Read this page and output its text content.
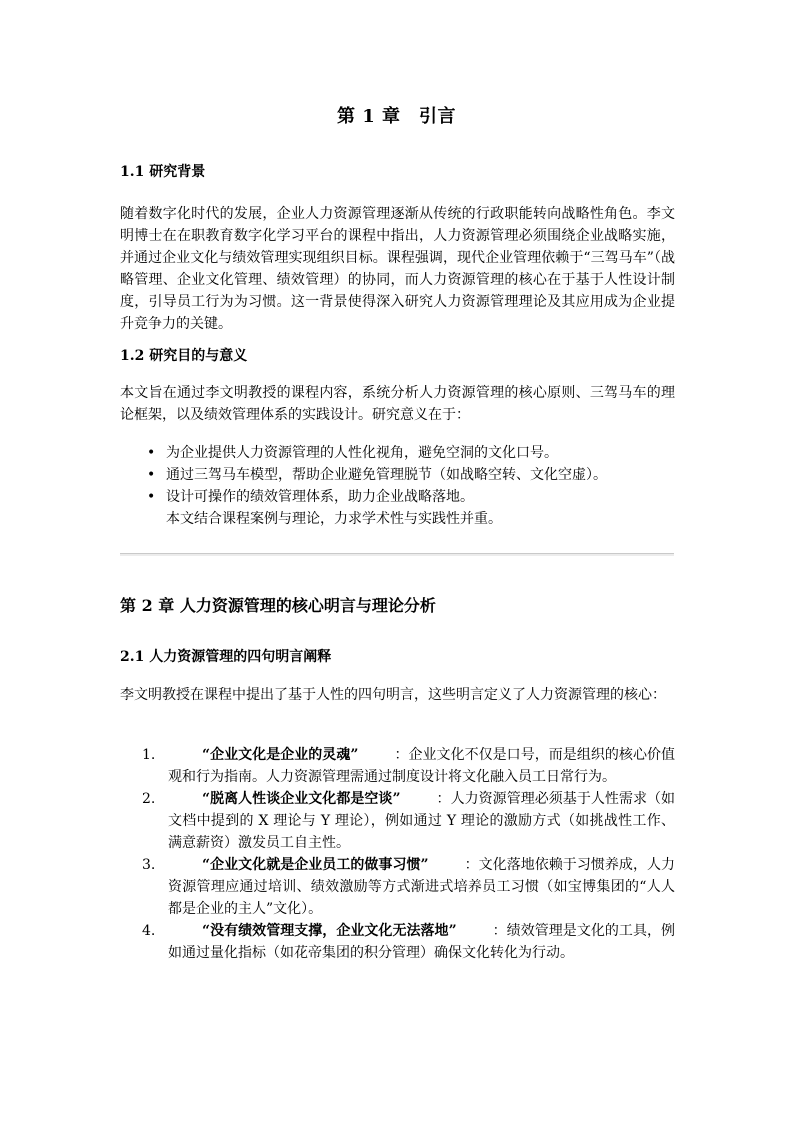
第 1 章　引言
1.1 研究背景

随着数字化时代的发展，企业人力资源管理逐渐从传统的行政职能转向战略性角色。李文明博士在在职教育数字化学习平台的课程中指出，人力资源管理必须围绕企业战略实施，并通过企业文化与绩效管理实现组织目标。课程强调，现代企业管理依赖于“三驾马车”（战略管理、企业文化管理、绩效管理）的协同，而人力资源管理的核心在于基于人性设计制度，引导员工行为为习惯。这一背景使得深入研究人力资源管理理论及其应用成为企业提升竞争力的关键。

1.2 研究目的与意义

本文旨在通过李文明教授的课程内容，系统分析人力资源管理的核心原则、三驾马车的理论框架，以及绩效管理体系的实践设计。研究意义在于：

• 为企业提供人力资源管理的人性化视角，避免空洞的文化口号。
• 通过三驾马车模型，帮助企业避免管理脱节（如战略空转、文化空虚）。
• 设计可操作的绩效管理体系，助力企业战略落地。
本文结合课程案例与理论，力求学术性与实践性并重。
第 2 章 人力资源管理的核心明言与理论分析
2.1 人力资源管理的四句明言阐释

李文明教授在课程中提出了基于人性的四句明言，这些明言定义了人力资源管理的核心：

1.	“企业文化是企业的灵魂”	：企业文化不仅是口号，而是组织的核心价值观和行为指南。人力资源管理需通过制度设计将文化融入员工日常行为。
2.	“脱离人性谈企业文化都是空谈”	：人力资源管理必须基于人性需求（如文档中提到的 X 理论与 Y 理论），例如通过 Y 理论的激励方式（如挑战性工作、满意薪资）激发员工自主性。
3.	“企业文化就是企业员工的做事习惯”	：文化落地依赖于习惯养成，人力资源管理应通过培训、绩效激励等方式渐进式培养员工习惯（如宝博集团的“人人都是企业的主人”文化）。
4.	“没有绩效管理支撑，企业文化无法落地”	：绩效管理是文化的工具，例如通过量化指标（如花帝集团的积分管理）确保文化转化为行动。
